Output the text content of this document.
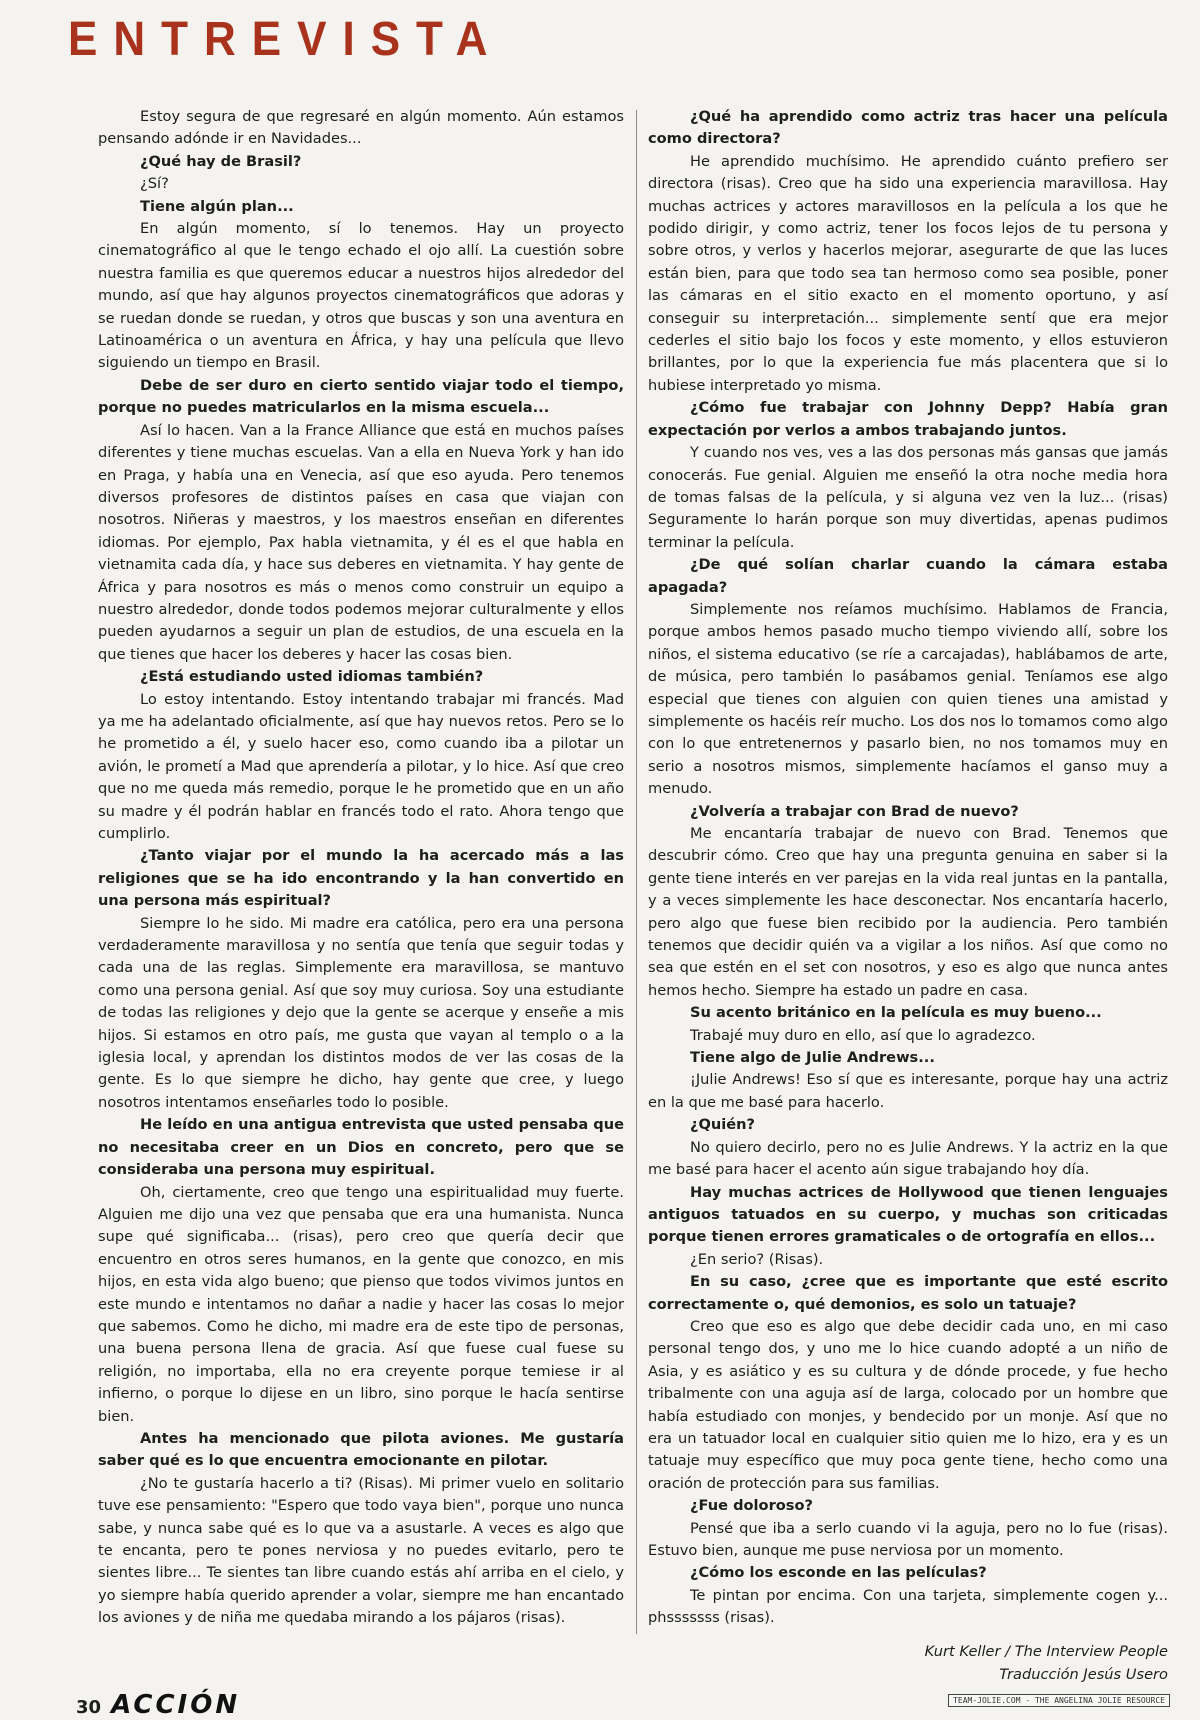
ENTREVISTA

Estoy segura de que regresaré en algún momento. Aún estamos pensando adónde ir en Navidades...

¿Qué hay de Brasil?

¿Sí?

Tiene algún plan...

En algún momento, sí lo tenemos. Hay un proyecto cinematográfico al que le tengo echado el ojo allí. La cuestión sobre nuestra familia es que queremos educar a nuestros hijos alrededor del mundo, así que hay algunos proyectos cinematográficos que adoras y se ruedan donde se ruedan, y otros que buscas y son una aventura en Latinoamérica o un aventura en África, y hay una película que llevo siguiendo un tiempo en Brasil.

Debe de ser duro en cierto sentido viajar todo el tiempo, porque no puedes matricularlos en la misma escuela...

Así lo hacen. Van a la France Alliance que está en muchos países diferentes y tiene muchas escuelas. Van a ella en Nueva York y han ido en Praga, y había una en Venecia, así que eso ayuda. Pero tenemos diversos profesores de distintos países en casa que viajan con nosotros. Niñeras y maestros, y los maestros enseñan en diferentes idiomas. Por ejemplo, Pax habla vietnamita, y él es el que habla en vietnamita cada día, y hace sus deberes en vietnamita. Y hay gente de África y para nosotros es más o menos como construir un equipo a nuestro alrededor, donde todos podemos mejorar culturalmente y ellos pueden ayudarnos a seguir un plan de estudios, de una escuela en la que tienes que hacer los deberes y hacer las cosas bien.

¿Está estudiando usted idiomas también?

Lo estoy intentando. Estoy intentando trabajar mi francés. Mad ya me ha adelantado oficialmente, así que hay nuevos retos. Pero se lo he prometido a él, y suelo hacer eso, como cuando iba a pilotar un avión, le prometí a Mad que aprendería a pilotar, y lo hice. Así que creo que no me queda más remedio, porque le he prometido que en un año su madre y él podrán hablar en francés todo el rato. Ahora tengo que cumplirlo.

¿Tanto viajar por el mundo la ha acercado más a las religiones que se ha ido encontrando y la han convertido en una persona más espiritual?

Siempre lo he sido. Mi madre era católica, pero era una persona verdaderamente maravillosa y no sentía que tenía que seguir todas y cada una de las reglas. Simplemente era maravillosa, se mantuvo como una persona genial. Así que soy muy curiosa. Soy una estudiante de todas las religiones y dejo que la gente se acerque y enseñe a mis hijos. Si estamos en otro país, me gusta que vayan al templo o a la iglesia local, y aprendan los distintos modos de ver las cosas de la gente. Es lo que siempre he dicho, hay gente que cree, y luego nosotros intentamos enseñarles todo lo posible.

He leído en una antigua entrevista que usted pensaba que no necesitaba creer en un Dios en concreto, pero que se consideraba una persona muy espiritual.

Oh, ciertamente, creo que tengo una espiritualidad muy fuerte. Alguien me dijo una vez que pensaba que era una humanista. Nunca supe qué significaba... (risas), pero creo que quería decir que encuentro en otros seres humanos, en la gente que conozco, en mis hijos, en esta vida algo bueno; que pienso que todos vivimos juntos en este mundo e intentamos no dañar a nadie y hacer las cosas lo mejor que sabemos. Como he dicho, mi madre era de este tipo de personas, una buena persona llena de gracia. Así que fuese cual fuese su religión, no importaba, ella no era creyente porque temiese ir al infierno, o porque lo dijese en un libro, sino porque le hacía sentirse bien.

Antes ha mencionado que pilota aviones. Me gustaría saber qué es lo que encuentra emocionante en pilotar.

¿No te gustaría hacerlo a ti? (Risas). Mi primer vuelo en solitario tuve ese pensamiento: "Espero que todo vaya bien", porque uno nunca sabe, y nunca sabe qué es lo que va a asustarle. A veces es algo que te encanta, pero te pones nerviosa y no puedes evitarlo, pero te sientes libre... Te sientes tan libre cuando estás ahí arriba en el cielo, y yo siempre había querido aprender a volar, siempre me han encantado los aviones y de niña me quedaba mirando a los pájaros (risas).

¿Qué ha aprendido como actriz tras hacer una película como directora?

He aprendido muchísimo. He aprendido cuánto prefiero ser directora (risas). Creo que ha sido una experiencia maravillosa. Hay muchas actrices y actores maravillosos en la película a los que he podido dirigir, y como actriz, tener los focos lejos de tu persona y sobre otros, y verlos y hacerlos mejorar, asegurarte de que las luces están bien, para que todo sea tan hermoso como sea posible, poner las cámaras en el sitio exacto en el momento oportuno, y así conseguir su interpretación... simplemente sentí que era mejor cederles el sitio bajo los focos y este momento, y ellos estuvieron brillantes, por lo que la experiencia fue más placentera que si lo hubiese interpretado yo misma.

¿Cómo fue trabajar con Johnny Depp? Había gran expectación por verlos a ambos trabajando juntos.

Y cuando nos ves, ves a las dos personas más gansas que jamás conocerás. Fue genial. Alguien me enseñó la otra noche media hora de tomas falsas de la película, y si alguna vez ven la luz... (risas) Seguramente lo harán porque son muy divertidas, apenas pudimos terminar la película.

¿De qué solían charlar cuando la cámara estaba apagada?

Simplemente nos reíamos muchísimo. Hablamos de Francia, porque ambos hemos pasado mucho tiempo viviendo allí, sobre los niños, el sistema educativo (se ríe a carcajadas), hablábamos de arte, de música, pero también lo pasábamos genial. Teníamos ese algo especial que tienes con alguien con quien tienes una amistad y simplemente os hacéis reír mucho. Los dos nos lo tomamos como algo con lo que entretenernos y pasarlo bien, no nos tomamos muy en serio a nosotros mismos, simplemente hacíamos el ganso muy a menudo.

¿Volvería a trabajar con Brad de nuevo?

Me encantaría trabajar de nuevo con Brad. Tenemos que descubrir cómo. Creo que hay una pregunta genuina en saber si la gente tiene interés en ver parejas en la vida real juntas en la pantalla, y a veces simplemente les hace desconectar. Nos encantaría hacerlo, pero algo que fuese bien recibido por la audiencia. Pero también tenemos que decidir quién va a vigilar a los niños. Así que como no sea que estén en el set con nosotros, y eso es algo que nunca antes hemos hecho. Siempre ha estado un padre en casa.

Su acento británico en la película es muy bueno...

Trabajé muy duro en ello, así que lo agradezco.

Tiene algo de Julie Andrews...

¡Julie Andrews! Eso sí que es interesante, porque hay una actriz en la que me basé para hacerlo.

¿Quién?

No quiero decirlo, pero no es Julie Andrews. Y la actriz en la que me basé para hacer el acento aún sigue trabajando hoy día.

Hay muchas actrices de Hollywood que tienen lenguajes antiguos tatuados en su cuerpo, y muchas son criticadas porque tienen errores gramaticales o de ortografía en ellos...

¿En serio? (Risas).

En su caso, ¿cree que es importante que esté escrito correctamente o, qué demonios, es solo un tatuaje?

Creo que eso es algo que debe decidir cada uno, en mi caso personal tengo dos, y uno me lo hice cuando adopté a un niño de Asia, y es asiático y es su cultura y de dónde procede, y fue hecho tribalmente con una aguja así de larga, colocado por un hombre que había estudiado con monjes, y bendecido por un monje. Así que no era un tatuador local en cualquier sitio quien me lo hizo, era y es un tatuaje muy específico que muy poca gente tiene, hecho como una oración de protección para sus familias.

¿Fue doloroso?

Pensé que iba a serlo cuando vi la aguja, pero no lo fue (risas). Estuvo bien, aunque me puse nerviosa por un momento.

¿Cómo los esconde en las películas?

Te pintan por encima. Con una tarjeta, simplemente cogen y... phsssssss (risas).

Kurt Keller / The Interview People
Traducción Jesús Usero

30 ACCIÓN	TEAM-JOLIE.COM - THE ANGELINA JOLIE RESOURCE
